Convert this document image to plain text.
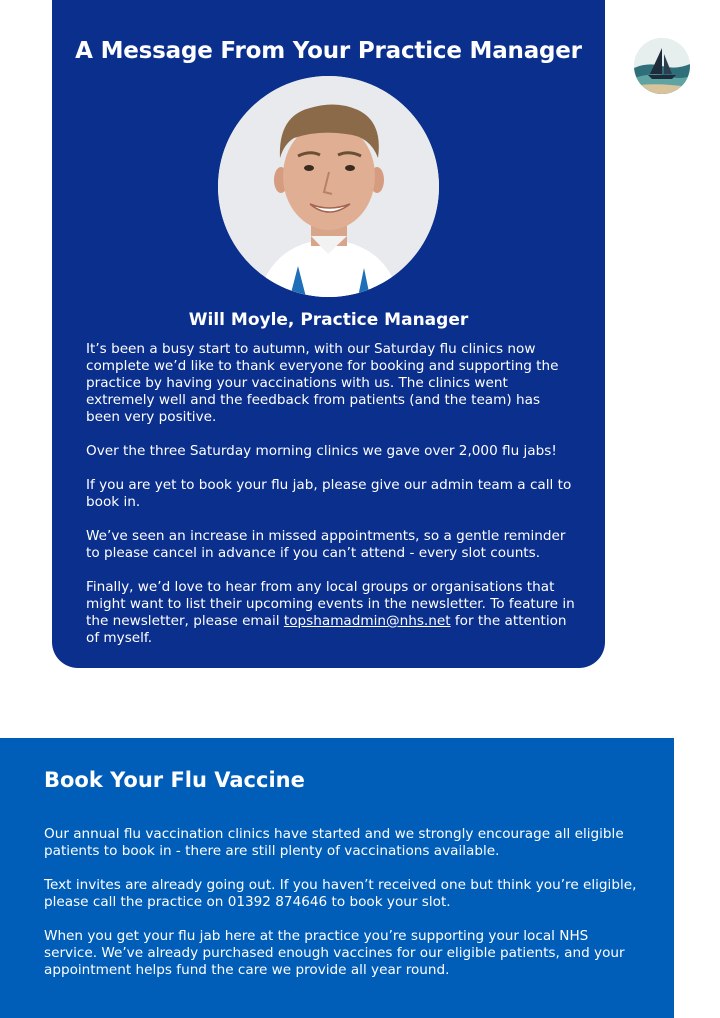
A Message From Your Practice Manager
Will Moyle, Practice Manager

It’s been a busy start to autumn, with our Saturday flu clinics now complete we’d like to thank everyone for booking and supporting the practice by having your vaccinations with us. The clinics went extremely well and the feedback from patients (and the team) has been very positive.

Over the three Saturday morning clinics we gave over 2,000 flu jabs!

If you are yet to book your flu jab, please give our admin team a call to book in.

We’ve seen an increase in missed appointments, so a gentle reminder to please cancel in advance if you can’t attend - every slot counts.

Finally, we’d love to hear from any local groups or organisations that might want to list their upcoming events in the newsletter. To feature in the newsletter, please email topshamadmin@nhs.net for the attention of myself.

Book Your Flu Vaccine

Our annual flu vaccination clinics have started and we strongly encourage all eligible patients to book in - there are still plenty of vaccinations available.

Text invites are already going out. If you haven’t received one but think you’re eligible, please call the practice on 01392 874646 to book your slot.

When you get your flu jab here at the practice you’re supporting your local NHS service. We’ve already purchased enough vaccines for our eligible patients, and your appointment helps fund the care we provide all year round.
